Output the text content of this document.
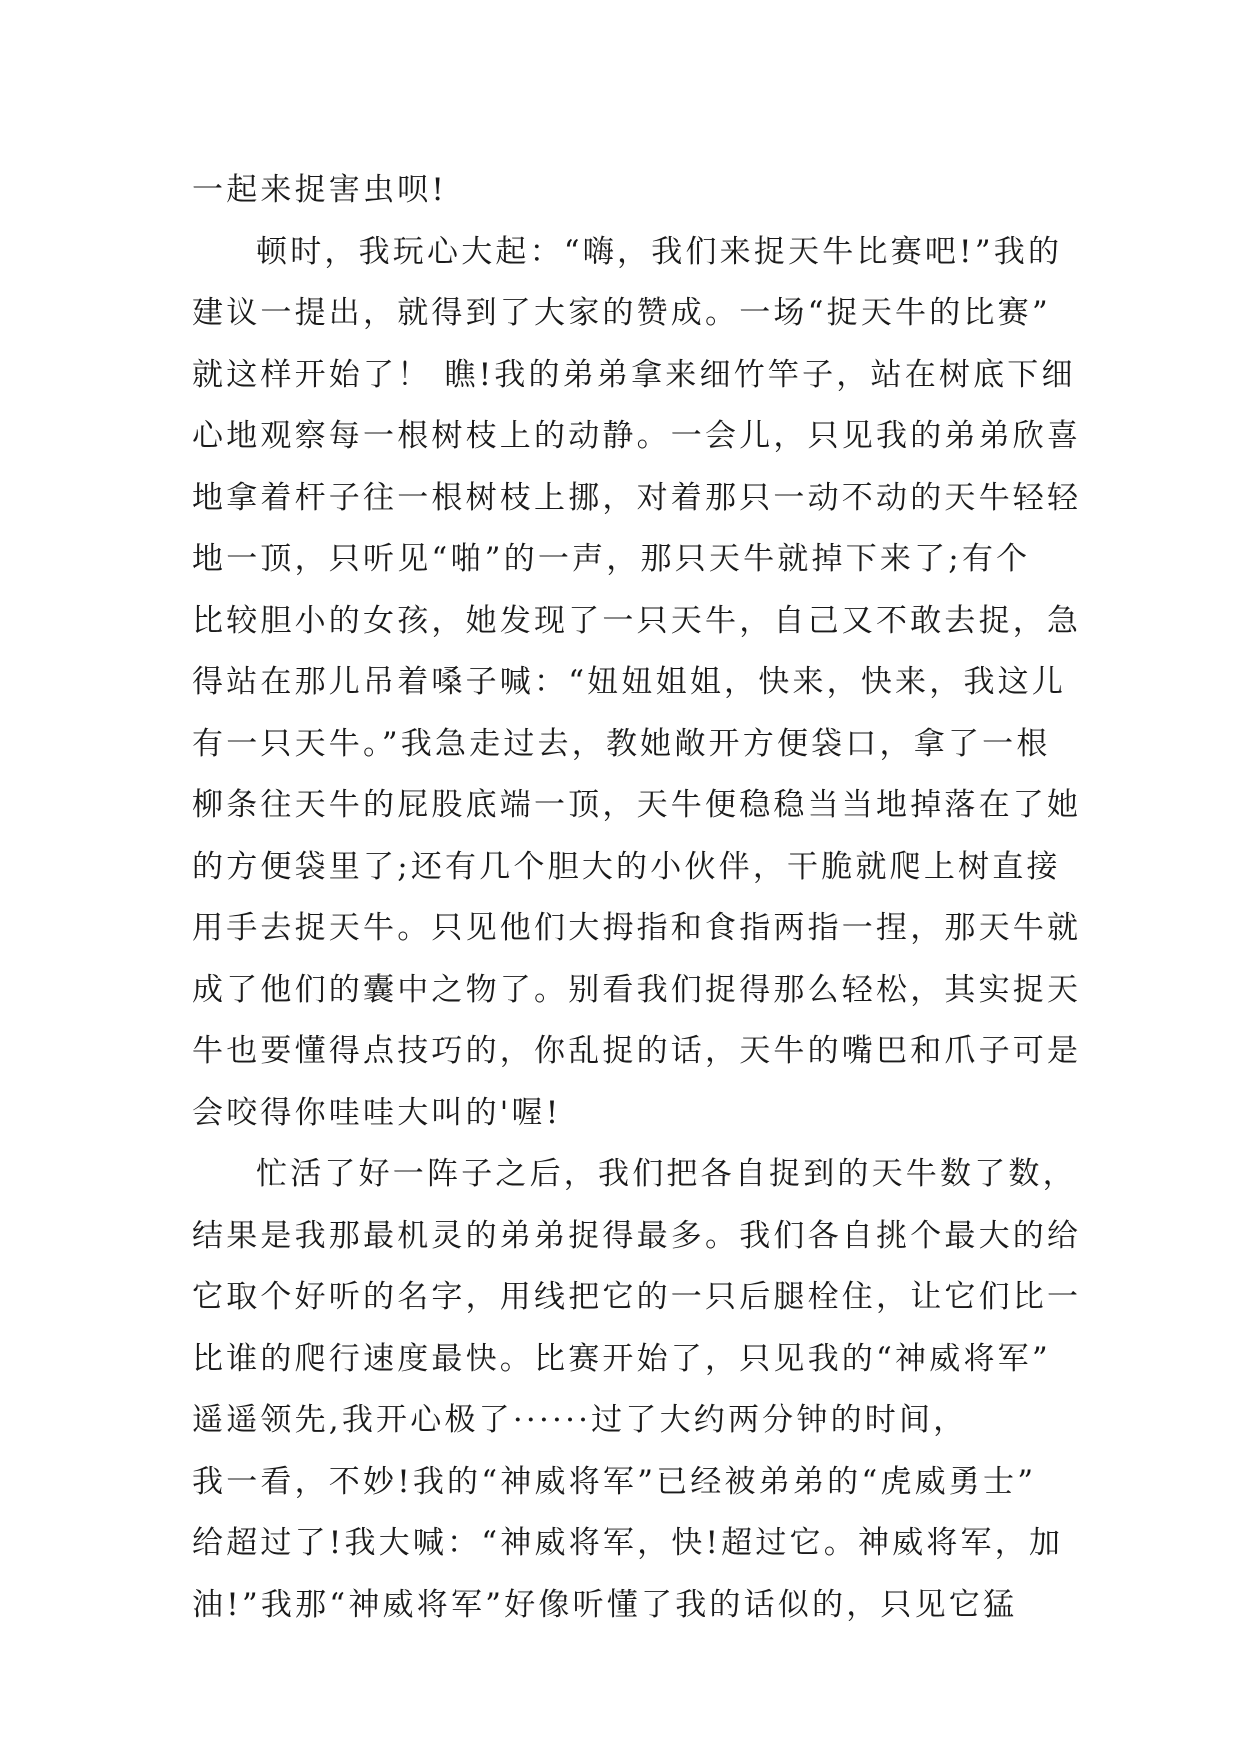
一起来捉害虫呗!
顿时，我玩心大起：“嗨，我们来捉天牛比赛吧!”我的
建议一提出，就得到了大家的赞成。一场“捉天牛的比赛”
就这样开始了！ 瞧!我的弟弟拿来细竹竿子，站在树底下细
心地观察每一根树枝上的动静。一会儿，只见我的弟弟欣喜
地拿着杆子往一根树枝上挪，对着那只一动不动的天牛轻轻
地一顶，只听见“啪”的一声，那只天牛就掉下来了;有个
比较胆小的女孩，她发现了一只天牛，自己又不敢去捉，急
得站在那儿吊着嗓子喊：“妞妞姐姐，快来，快来，我这儿
有一只天牛。”我急走过去，教她敞开方便袋口，拿了一根
柳条往天牛的屁股底端一顶，天牛便稳稳当当地掉落在了她
的方便袋里了;还有几个胆大的小伙伴，干脆就爬上树直接
用手去捉天牛。只见他们大拇指和食指两指一捏，那天牛就
成了他们的囊中之物了。别看我们捉得那么轻松，其实捉天
牛也要懂得点技巧的，你乱捉的话，天牛的嘴巴和爪子可是
会咬得你哇哇大叫的'喔!
忙活了好一阵子之后，我们把各自捉到的天牛数了数，
结果是我那最机灵的弟弟捉得最多。我们各自挑个最大的给
它取个好听的名字，用线把它的一只后腿栓住，让它们比一
比谁的爬行速度最快。比赛开始了，只见我的“神威将军”
遥遥领先,我开心极了······过了大约两分钟的时间，
我一看，不妙!我的“神威将军”已经被弟弟的“虎威勇士”
给超过了!我大喊：“神威将军，快!超过它。神威将军，加
油!”我那“神威将军”好像听懂了我的话似的，只见它猛
